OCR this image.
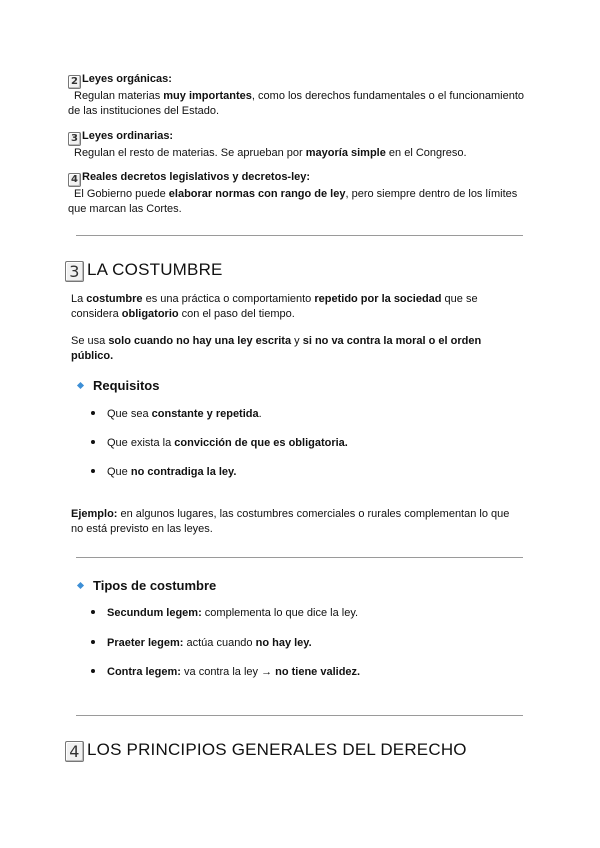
2 Leyes orgánicas:
Regulan materias muy importantes, como los derechos fundamentales o el funcionamiento de las instituciones del Estado.
3 Leyes ordinarias:
Regulan el resto de materias. Se aprueban por mayoría simple en el Congreso.
4 Reales decretos legislativos y decretos-ley:
El Gobierno puede elaborar normas con rango de ley, pero siempre dentro de los límites que marcan las Cortes.
3 LA COSTUMBRE
La costumbre es una práctica o comportamiento repetido por la sociedad que se considera obligatorio con el paso del tiempo.
Se usa solo cuando no hay una ley escrita y si no va contra la moral o el orden público.
Requisitos
Que sea constante y repetida.
Que exista la convicción de que es obligatoria.
Que no contradiga la ley.
Ejemplo: en algunos lugares, las costumbres comerciales o rurales complementan lo que no está previsto en las leyes.
Tipos de costumbre
Secundum legem: complementa lo que dice la ley.
Praeter legem: actúa cuando no hay ley.
Contra legem: va contra la ley → no tiene validez.
4 LOS PRINCIPIOS GENERALES DEL DERECHO
